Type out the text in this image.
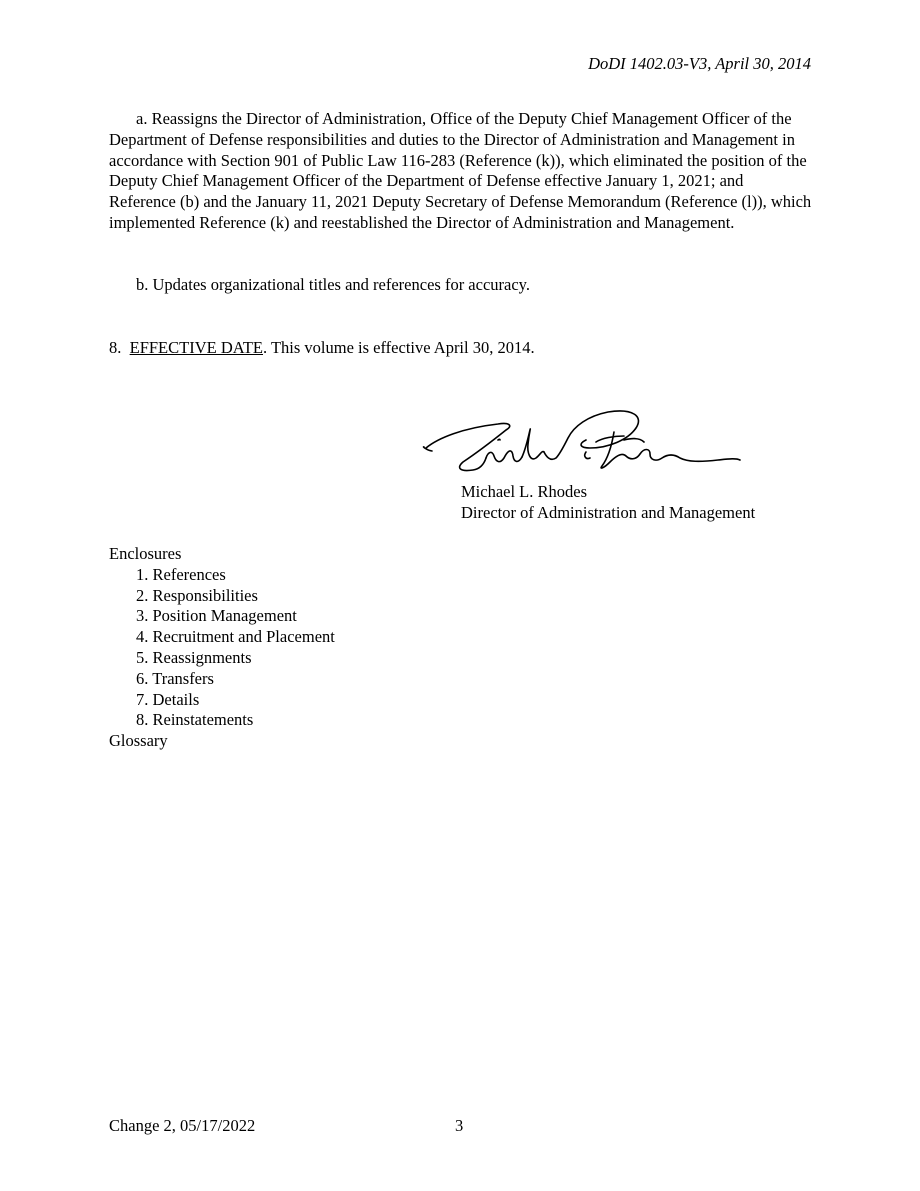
DoDI 1402.03-V3, April 30, 2014
a. Reassigns the Director of Administration, Office of the Deputy Chief Management Officer of the Department of Defense responsibilities and duties to the Director of Administration and Management in accordance with Section 901 of Public Law 116-283 (Reference (k)), which eliminated the position of the Deputy Chief Management Officer of the Department of Defense effective January 1, 2021; and Reference (b) and the January 11, 2021 Deputy Secretary of Defense Memorandum (Reference (l)), which implemented Reference (k) and reestablished the Director of Administration and Management.
b. Updates organizational titles and references for accuracy.
8. EFFECTIVE DATE. This volume is effective April 30, 2014.
Michael L. Rhodes
Director of Administration and Management
Enclosures
1. References
2. Responsibilities
3. Position Management
4. Recruitment and Placement
5. Reassignments
6. Transfers
7. Details
8. Reinstatements
Glossary
Change 2, 05/17/2022	3
